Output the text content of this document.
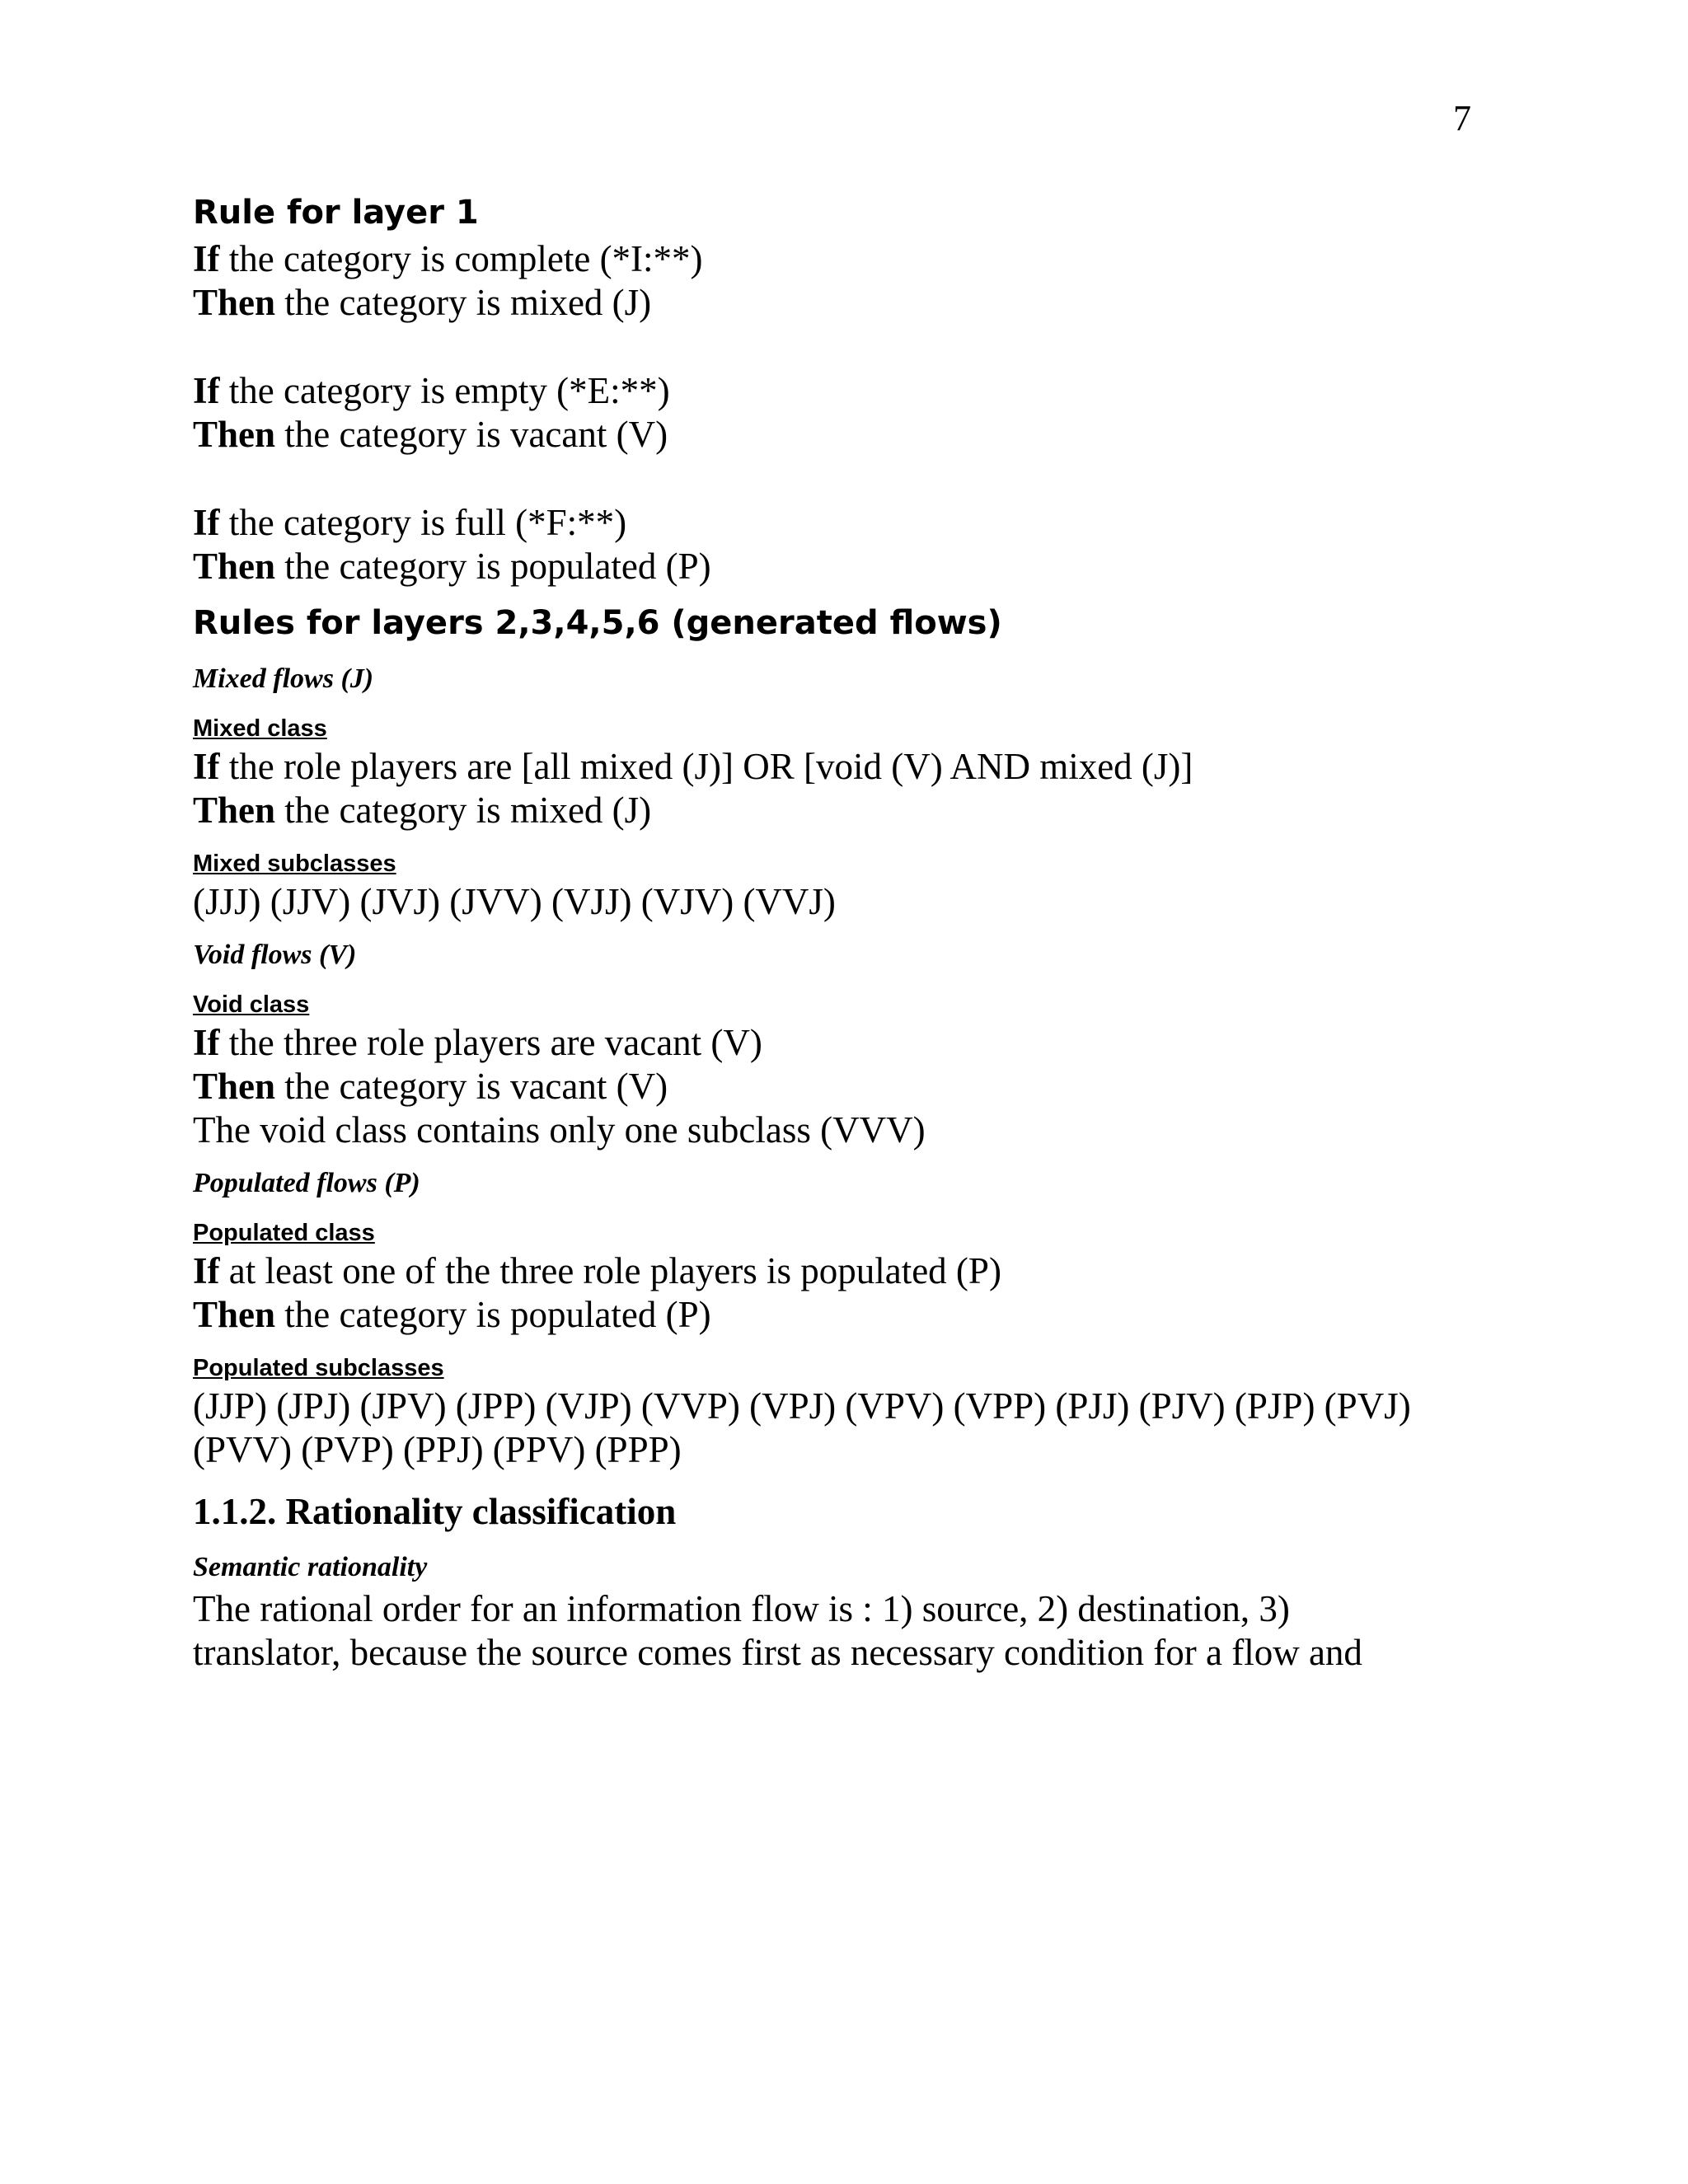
7

Rule for layer 1

If the category is complete (*I:**)

Then the category is mixed (J)

If the category is empty (*E:**)

Then the category is vacant (V)

If the category is full (*F:**)

Then the category is populated (P)

Rules for layers 2,3,4,5,6 (generated flows)

Mixed flows (J)

Mixed class

If the role players are [all mixed (J)] OR [void (V) AND mixed (J)]

Then the category is mixed (J)

Mixed subclasses

(JJJ) (JJV) (JVJ) (JVV) (VJJ) (VJV) (VVJ)

Void flows (V)

Void class

If the three role players are vacant (V)

Then the category is vacant (V)

The void class contains only one subclass (VVV)

Populated flows (P)

Populated class

If at least one of the three role players is populated (P)

Then the category is populated (P)

Populated subclasses

(JJP) (JPJ) (JPV) (JPP) (VJP) (VVP) (VPJ) (VPV) (VPP) (PJJ) (PJV) (PJP) (PVJ)

(PVV) (PVP) (PPJ) (PPV) (PPP)

1.1.2. Rationality classification

Semantic rationality

The rational order for an information flow is : 1) source, 2) destination, 3)

translator, because the source comes first as necessary condition for a flow and
